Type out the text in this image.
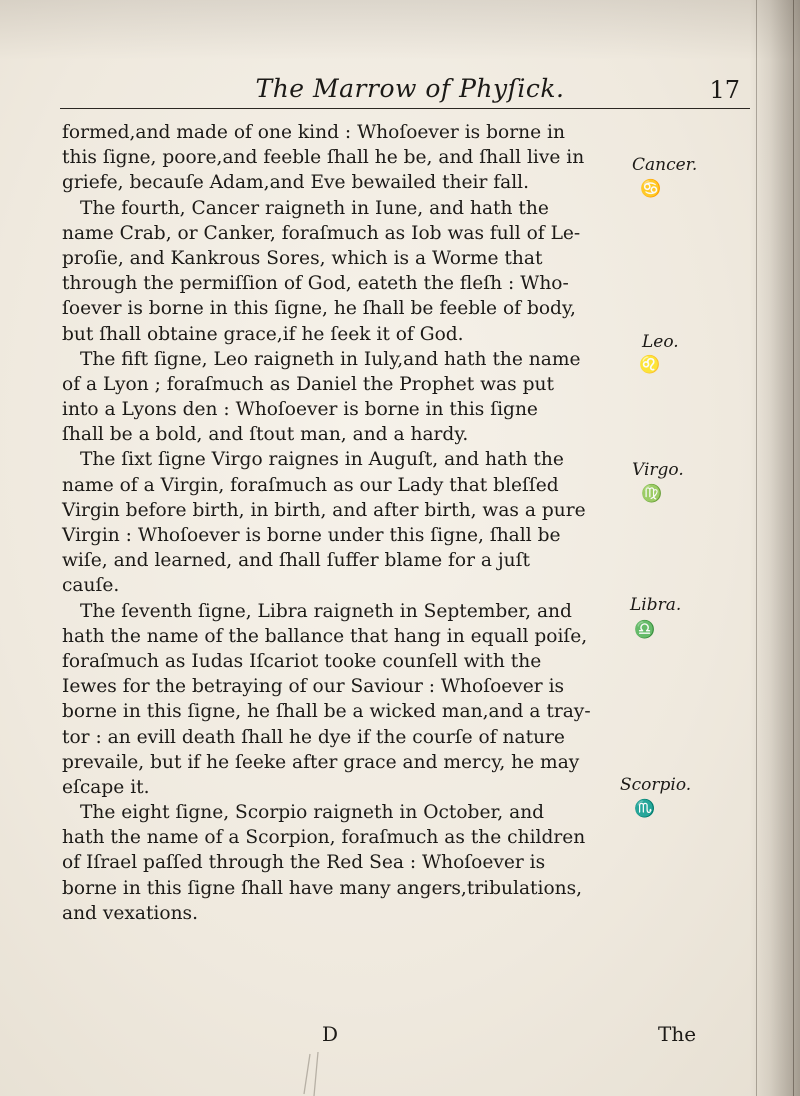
The Marrow of Phyſick.	17
formed,and made of one kind : Whoſoever is borne in
this ſigne, poore,and feeble ſhall he be, and ſhall live in
griefe, becauſe Adam,and Eve bewailed their fall.
The fourth, Cancer raigneth in Iune, and hath the
name Crab, or Canker, foraſmuch as Iob was full of Le-
proſie, and Kankrous Sores, which is a Worme that
through the permiſſion of God, eateth the fleſh : Who-
ſoever is borne in this ſigne, he ſhall be feeble of body,
but ſhall obtaine grace,if he ſeek it of God.
The fift ſigne, Leo raigneth in Iuly,and hath the name
of a Lyon ; foraſmuch as Daniel the Prophet was put
into a Lyons den : Whoſoever is borne in this ſigne
ſhall be a bold, and ſtout man, and a hardy.
The ſixt ſigne Virgo raignes in Auguſt, and hath the
name of a Virgin, foraſmuch as our Lady that bleſſed
Virgin before birth, in birth, and after birth, was a pure
Virgin : Whoſoever is borne under this ſigne, ſhall be
wiſe, and learned, and ſhall ſuffer blame for a juſt
cauſe.
The ſeventh ſigne, Libra raigneth in September, and
hath the name of the ballance that hang in equall poiſe,
foraſmuch as Iudas Iſcariot tooke counſell with the
Iewes for the betraying of our Saviour : Whoſoever is
borne in this ſigne, he ſhall be a wicked man,and a tray-
tor : an evill death ſhall he dye if the courſe of nature
prevaile, but if he ſeeke after grace and mercy, he may
eſcape it.
The eight ſigne, Scorpio raigneth in October, and
hath the name of a Scorpion, foraſmuch as the children
of Iſrael paſſed through the Red Sea : Whoſoever is
borne in this ſigne ſhall have many angers,tribulations,
and vexations.
Cancer.
♋
Leo.
♌
Virgo.
♍
Libra.
♎
Scorpio.
♏
D	The
